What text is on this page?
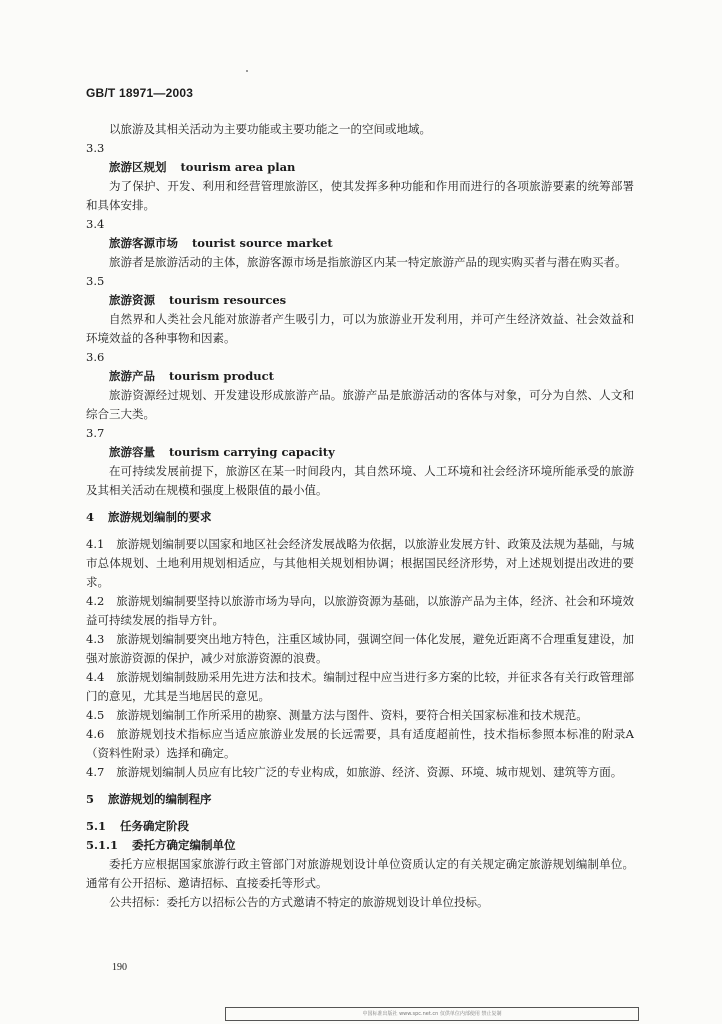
GB/T 18971—2003

以旅游及其相关活动为主要功能或主要功能之一的空间或地域。

3.3

旅游区规划 tourism area plan

为了保护、开发、利用和经营管理旅游区，使其发挥多种功能和作用而进行的各项旅游要素的统筹部署和具体安排。

3.4

旅游客源市场 tourist source market

旅游者是旅游活动的主体，旅游客源市场是指旅游区内某一特定旅游产品的现实购买者与潜在购买者。

3.5

旅游资源 tourism resources

自然界和人类社会凡能对旅游者产生吸引力，可以为旅游业开发利用，并可产生经济效益、社会效益和环境效益的各种事物和因素。

3.6

旅游产品 tourism product

旅游资源经过规划、开发建设形成旅游产品。旅游产品是旅游活动的客体与对象，可分为自然、人文和综合三大类。

3.7

旅游容量 tourism carrying capacity

在可持续发展前提下，旅游区在某一时间段内，其自然环境、人工环境和社会经济环境所能承受的旅游及其相关活动在规模和强度上极限值的最小值。

4 旅游规划编制的要求

4.1 旅游规划编制要以国家和地区社会经济发展战略为依据，以旅游业发展方针、政策及法规为基础，与城市总体规划、土地利用规划相适应，与其他相关规划相协调；根据国民经济形势，对上述规划提出改进的要求。

4.2 旅游规划编制要坚持以旅游市场为导向，以旅游资源为基础，以旅游产品为主体，经济、社会和环境效益可持续发展的指导方针。

4.3 旅游规划编制要突出地方特色，注重区域协同，强调空间一体化发展，避免近距离不合理重复建设，加强对旅游资源的保护，减少对旅游资源的浪费。

4.4 旅游规划编制鼓励采用先进方法和技术。编制过程中应当进行多方案的比较，并征求各有关行政管理部门的意见，尤其是当地居民的意见。

4.5 旅游规划编制工作所采用的勘察、测量方法与图件、资料，要符合相关国家标准和技术规范。

4.6 旅游规划技术指标应当适应旅游业发展的长远需要，具有适度超前性，技术指标参照本标准的附录A（资料性附录）选择和确定。

4.7 旅游规划编制人员应有比较广泛的专业构成，如旅游、经济、资源、环境、城市规划、建筑等方面。

5 旅游规划的编制程序

5.1 任务确定阶段

5.1.1 委托方确定编制单位

委托方应根据国家旅游行政主管部门对旅游规划设计单位资质认定的有关规定确定旅游规划编制单位。通常有公开招标、邀请招标、直接委托等形式。

公共招标：委托方以招标公告的方式邀请不特定的旅游规划设计单位投标。

190
中国标准出版社 www.spc.net.cn 仅供单位内部使用 禁止复制
